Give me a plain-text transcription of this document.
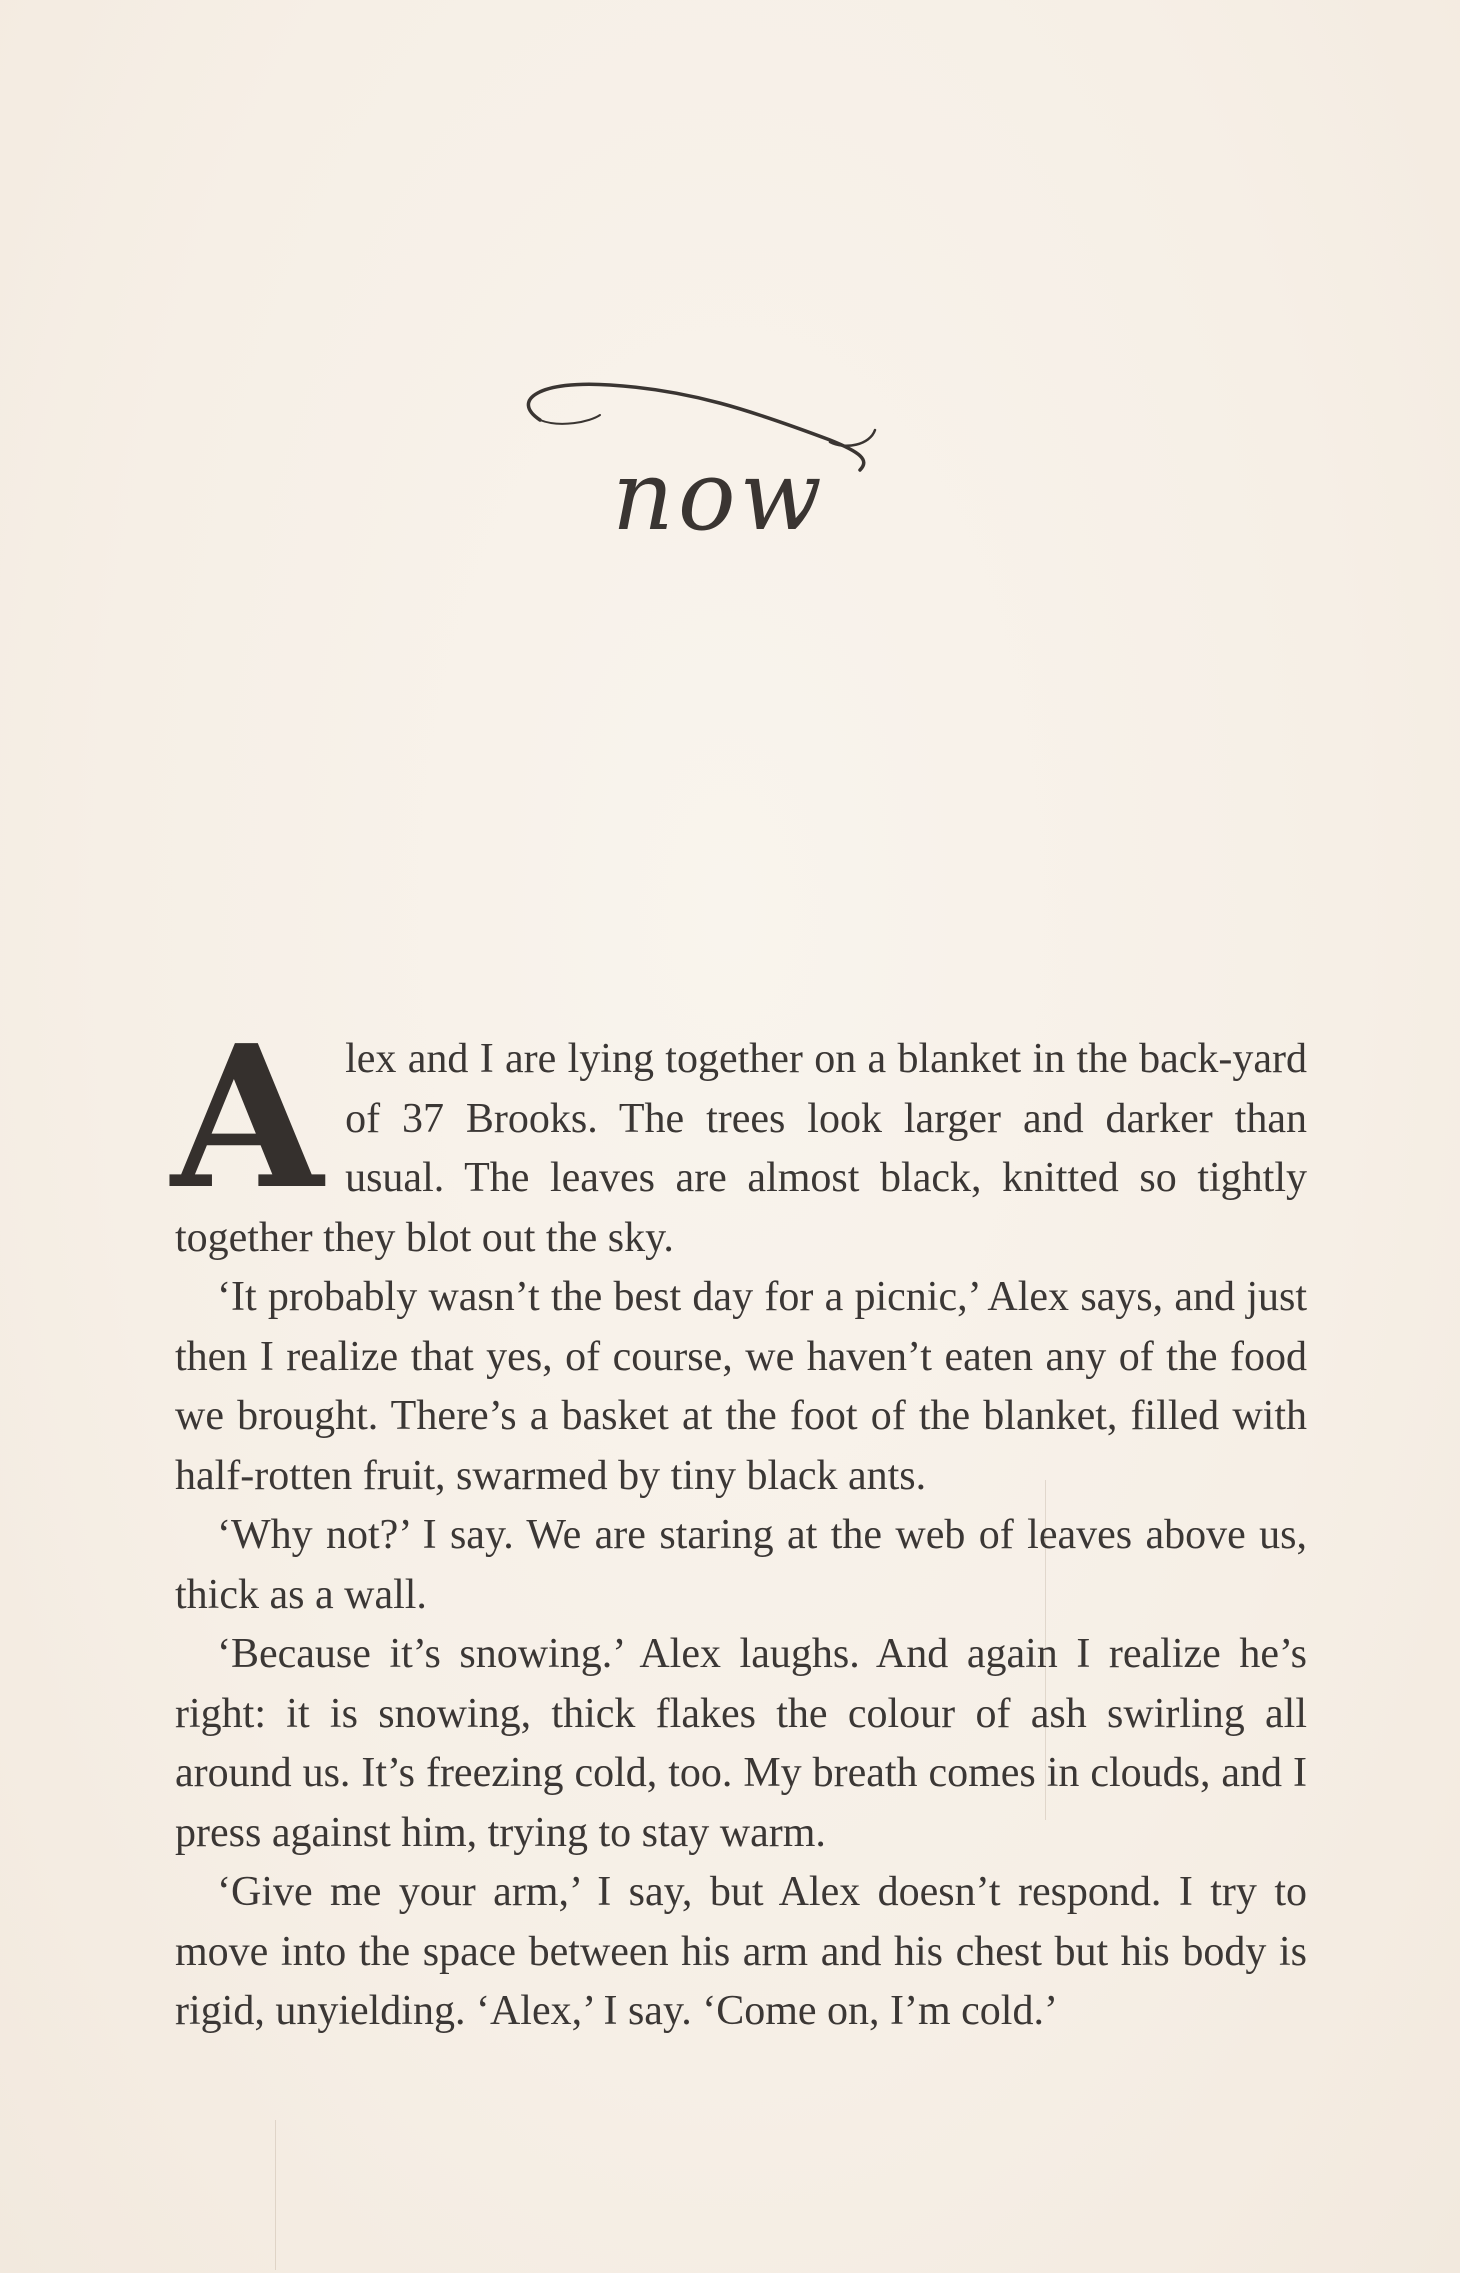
now

Alex and I are lying together on a blanket in the back-yard of 37 Brooks. The trees look larger and darker than usual. The leaves are almost black, knitted so tightly together they blot out the sky.

‘It probably wasn’t the best day for a picnic,’ Alex says, and just then I realize that yes, of course, we haven’t eaten any of the food we brought. There’s a basket at the foot of the blanket, filled with half-rotten fruit, swarmed by tiny black ants.

‘Why not?’ I say. We are staring at the web of leaves above us, thick as a wall.

‘Because it’s snowing.’ Alex laughs. And again I realize he’s right: it is snowing, thick flakes the colour of ash swirling all around us. It’s freezing cold, too. My breath comes in clouds, and I press against him, trying to stay warm.

‘Give me your arm,’ I say, but Alex doesn’t respond. I try to move into the space between his arm and his chest but his body is rigid, unyielding. ‘Alex,’ I say. ‘Come on, I’m cold.’
